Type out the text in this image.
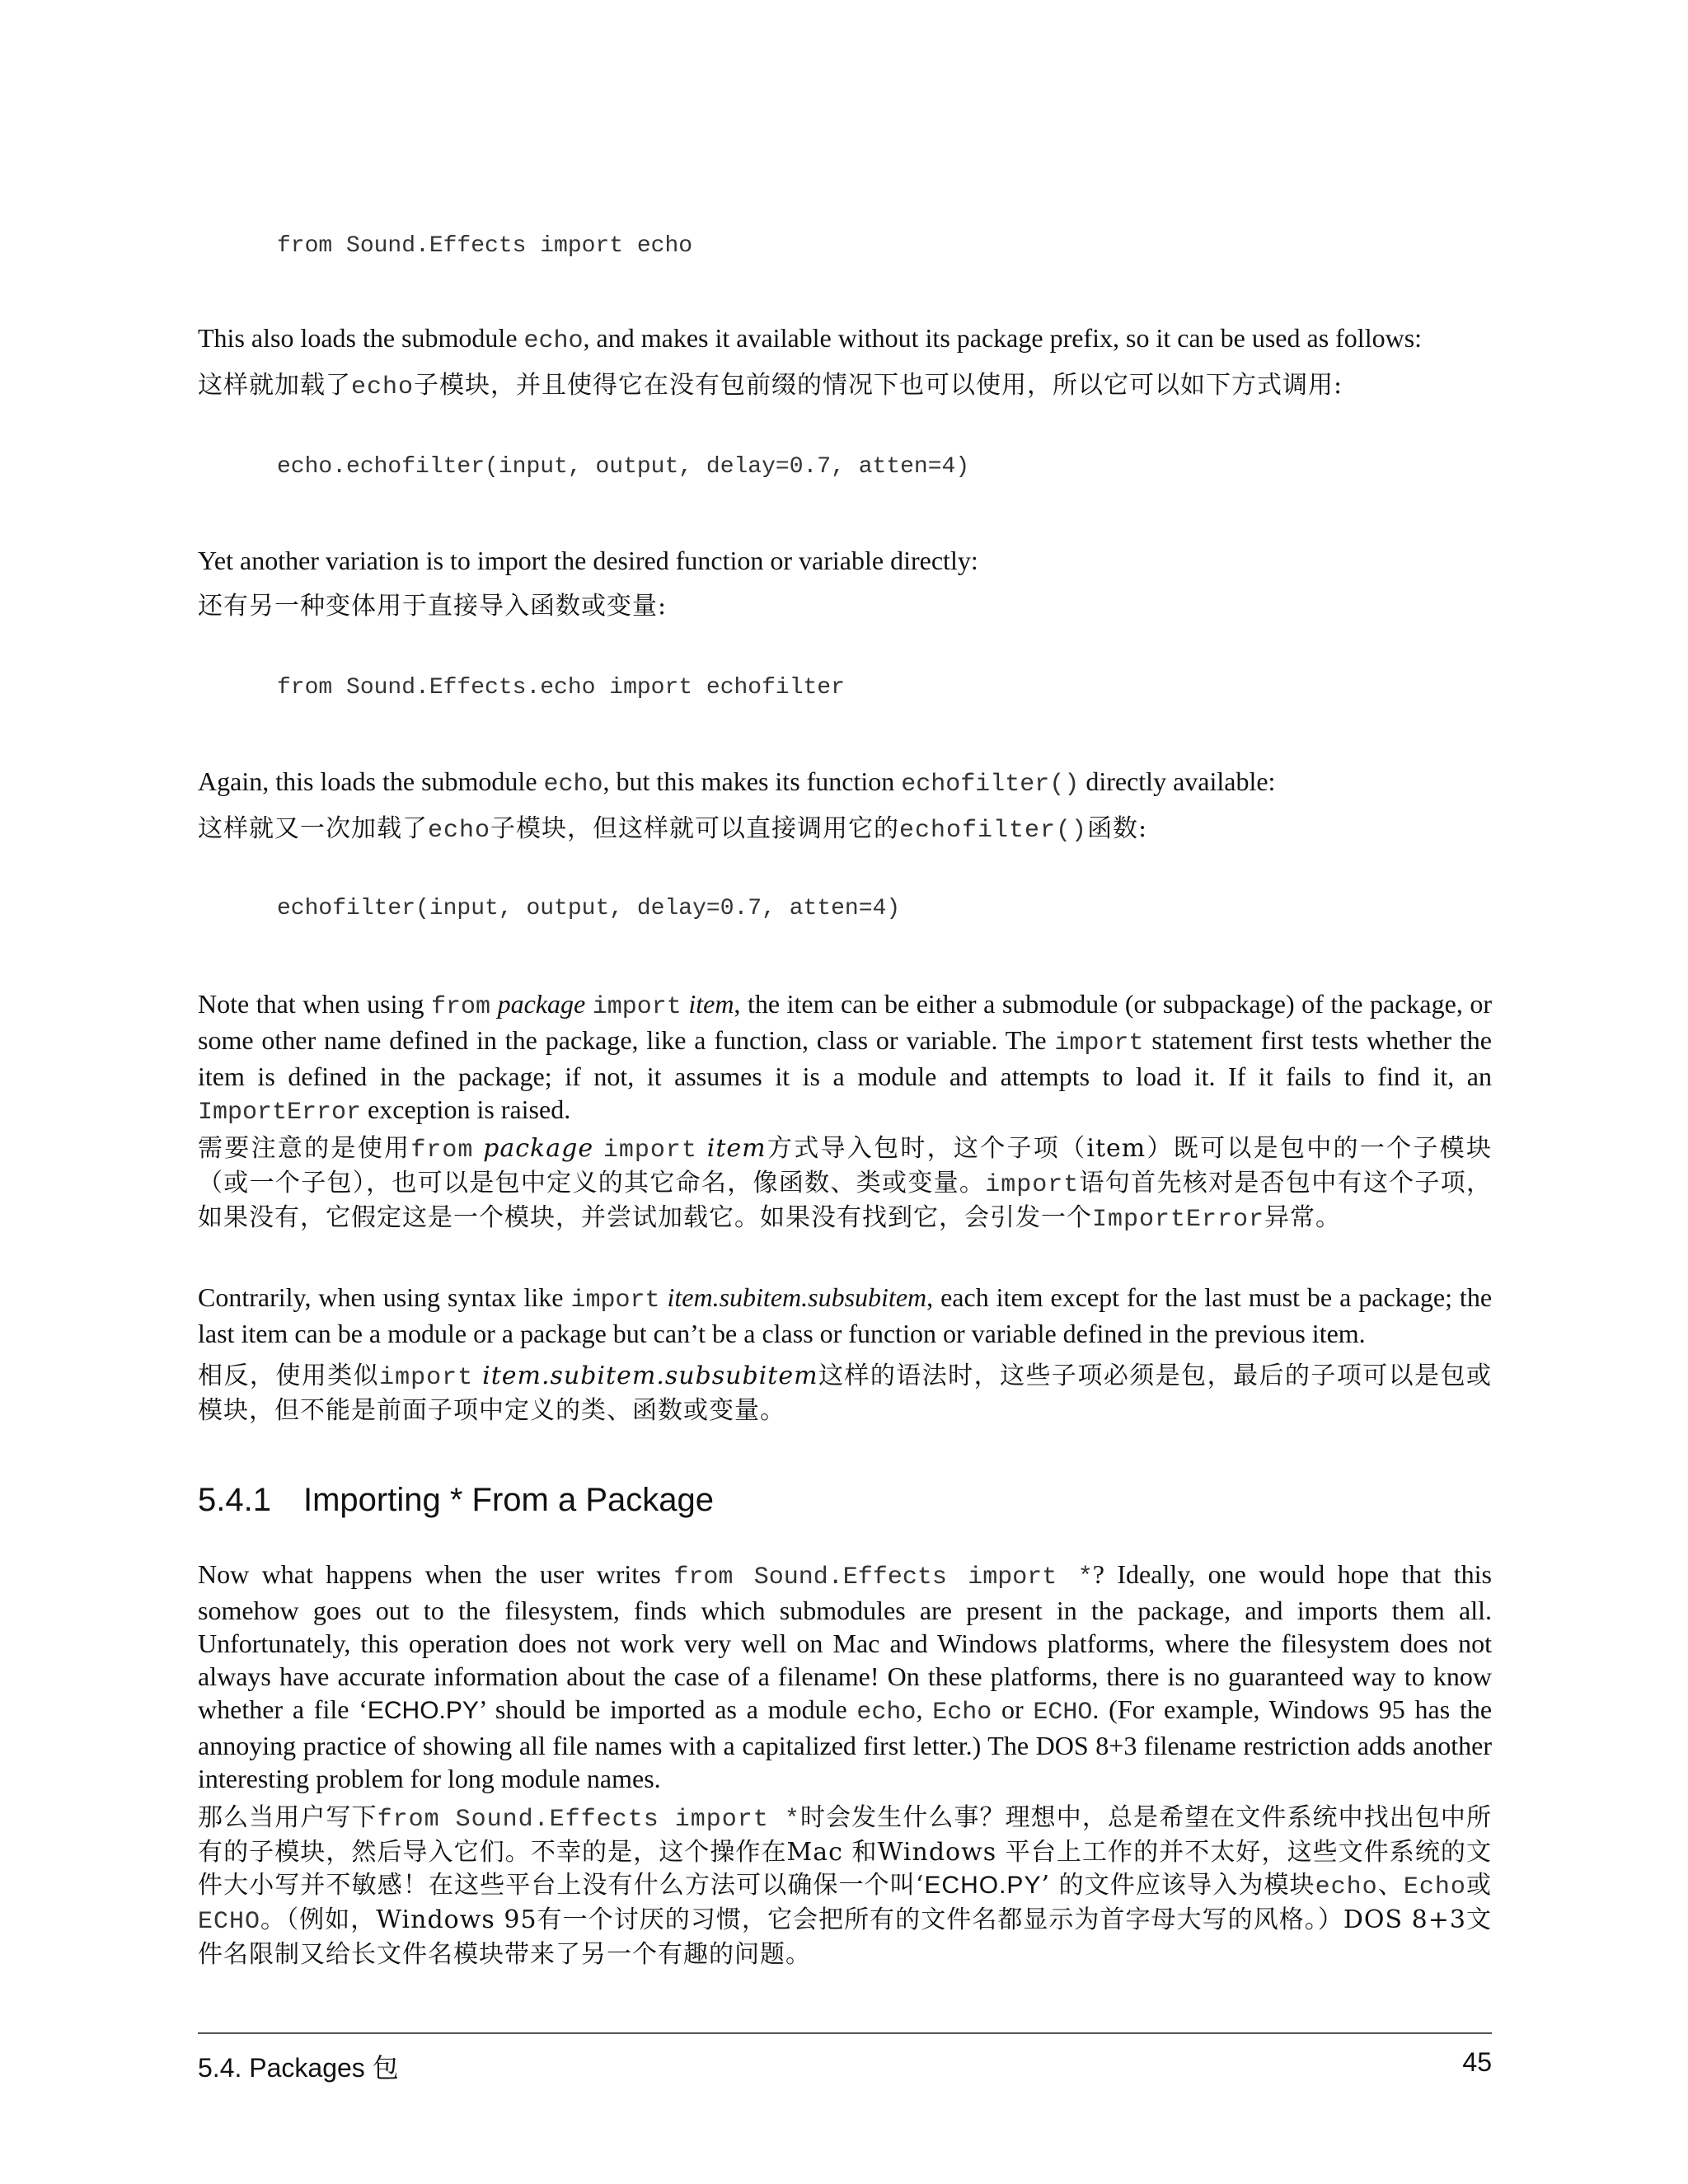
from Sound.Effects import echo
This also loads the submodule echo, and makes it available without its package prefix, so it can be used as follows:
这样就加载了echo子模块，并且使得它在没有包前缀的情况下也可以使用，所以它可以如下方式调用:
echo.echofilter(input, output, delay=0.7, atten=4)
Yet another variation is to import the desired function or variable directly:
还有另一种变体用于直接导入函数或变量:
from Sound.Effects.echo import echofilter
Again, this loads the submodule echo, but this makes its function echofilter() directly available:
这样就又一次加载了echo子模块，但这样就可以直接调用它的echofilter()函数:
echofilter(input, output, delay=0.7, atten=4)
Note that when using from package import item, the item can be either a submodule (or subpackage) of the package, or some other name defined in the package, like a function, class or variable. The import statement first tests whether the item is defined in the package; if not, it assumes it is a module and attempts to load it. If it fails to find it, an ImportError exception is raised.
需要注意的是使用from package import item方式导入包时，这个子项（item）既可以是包中的一个子模块（或一个子包），也可以是包中定义的其它命名，像函数、类或变量。import语句首先核对是否包中有这个子项，如果没有，它假定这是一个模块，并尝试加载它。如果没有找到它，会引发一个ImportError异常。
Contrarily, when using syntax like import item.subitem.subsubitem, each item except for the last must be a package; the last item can be a module or a package but can’t be a class or function or variable defined in the previous item.
相反，使用类似import item.subitem.subsubitem这样的语法时，这些子项必须是包，最后的子项可以是包或模块，但不能是前面子项中定义的类、函数或变量。
5.4.1 Importing * From a Package
Now what happens when the user writes from Sound.Effects import *? Ideally, one would hope that this somehow goes out to the filesystem, finds which submodules are present in the package, and imports them all. Unfortunately, this operation does not work very well on Mac and Windows platforms, where the filesystem does not always have accurate information about the case of a filename! On these platforms, there is no guaranteed way to know whether a file ‘ECHO.PY’ should be imported as a module echo, Echo or ECHO. (For example, Windows 95 has the annoying practice of showing all file names with a capitalized first letter.) The DOS 8+3 filename restriction adds another interesting problem for long module names.
那么当用户写下from Sound.Effects import *时会发生什么事？理想中，总是希望在文件系统中找出包中所有的子模块，然后导入它们。不幸的是，这个操作在Mac 和Windows 平台上工作的并不太好，这些文件系统的文件大小写并不敏感！在这些平台上没有什么方法可以确保一个叫‘ECHO.PY’ 的文件应该导入为模块echo、Echo或ECHO。（例如，Windows 95有一个讨厌的习惯，它会把所有的文件名都显示为首字母大写的风格。）DOS 8+3文件名限制又给长文件名模块带来了另一个有趣的问题。
5.4. Packages 包	45
